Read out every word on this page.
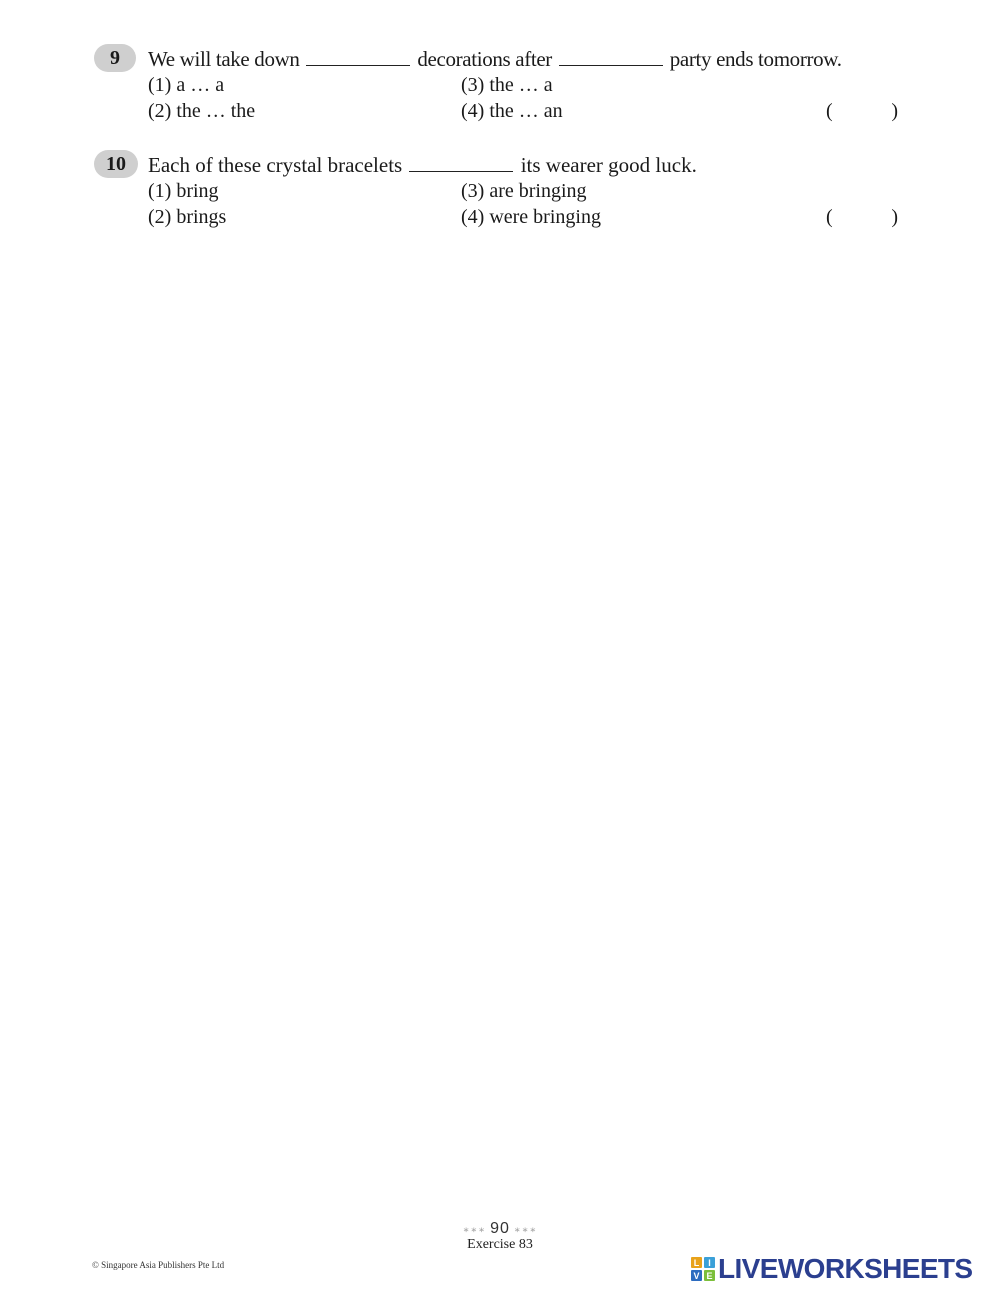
9	We will take down	decorations after	party ends tomorrow.
(1) a … a
(2) the … the
(3) the … a
(4) the … an	(	)
10	Each of these crystal bracelets	its wearer good luck.
(1) bring
(2) brings
(3) are bringing
(4) were bringing	(	)
∗∗∗ 90 ∗∗∗
Exercise 83
© Singapore Asia Publishers Pte Ltd	L I
V E LIVEWORKSHEETS
